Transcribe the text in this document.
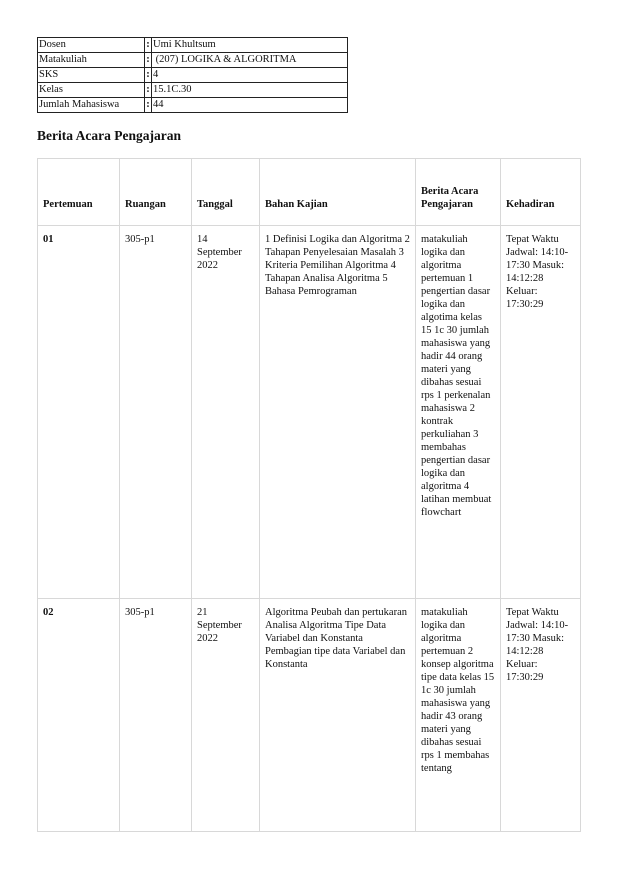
Dosen	:	Umi Khultsum
Matakuliah	:	(207) LOGIKA & ALGORITMA
SKS	:	4
Kelas	:	15.1C.30
Jumlah Mahasiswa	:	44
Berita Acara Pengajaran
Pertemuan	Ruangan	Tanggal	Bahan Kajian	Berita Acara Pengajaran	Kehadiran
01	305-p1	14 September 2022	1 Definisi Logika dan Algoritma 2 Tahapan Penyelesaian Masalah 3 Kriteria Pemilihan Algoritma 4 Tahapan Analisa Algoritma 5 Bahasa Pemrograman	matakuliah logika dan algoritma pertemuan 1 pengertian dasar logika dan algotima kelas 15 1c 30 jumlah mahasiswa yang hadir 44 orang materi yang dibahas sesuai rps 1 perkenalan mahasiswa 2 kontrak perkuliahan 3 membahas pengertian dasar logika dan algoritma 4 latihan membuat flowchart	Tepat Waktu Jadwal: 14:10-17:30 Masuk: 14:12:28 Keluar: 17:30:29
02	305-p1	21 September 2022	Algoritma Peubah dan pertukaran Analisa Algoritma Tipe Data Variabel dan Konstanta Pembagian tipe data Variabel dan Konstanta	matakuliah logika dan algoritma pertemuan 2 konsep algoritma tipe data kelas 15 1c 30 jumlah mahasiswa yang hadir 43 orang materi yang dibahas sesuai rps 1 membahas tentang	Tepat Waktu Jadwal: 14:10-17:30 Masuk: 14:12:28 Keluar: 17:30:29
